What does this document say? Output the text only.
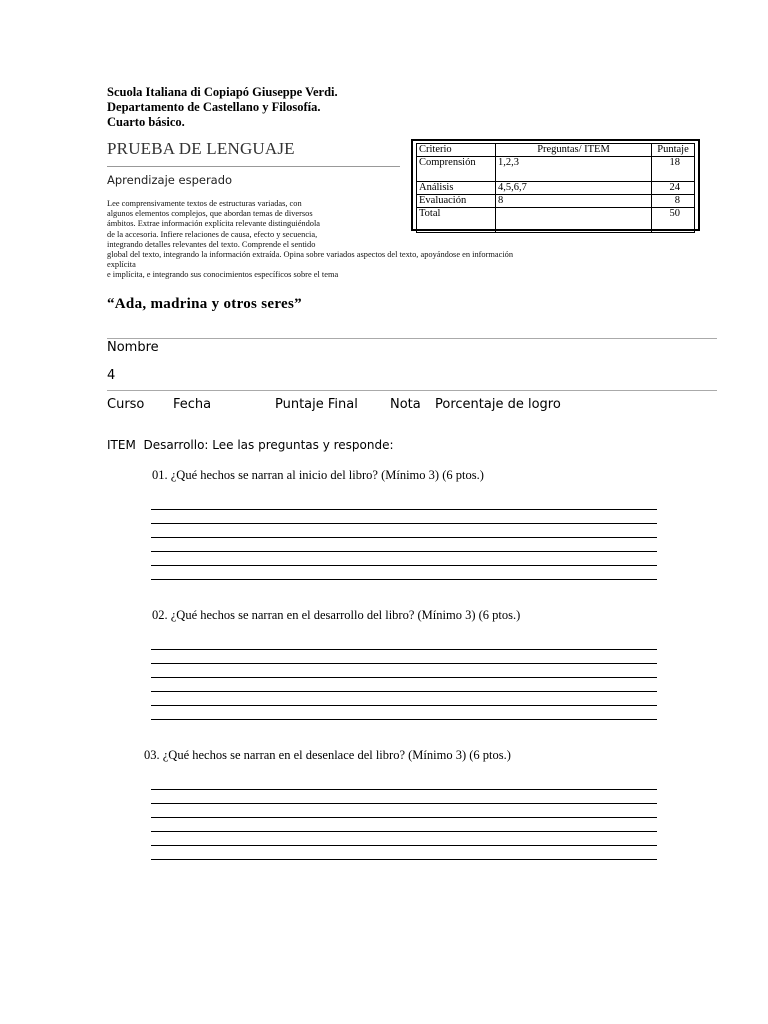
Scuola Italiana di Copiapó Giuseppe Verdi.
Departamento de Castellano y Filosofía.
Cuarto básico.
PRUEBA DE LENGUAJE
Aprendizaje esperado
Lee comprensivamente textos de estructuras variadas, con
algunos elementos complejos, que abordan temas de diversos
ámbitos. Extrae información explícita relevante distinguiéndola
de la accesoria. Infiere relaciones de causa, efecto y secuencia,
integrando detalles relevantes del texto. Comprende el sentido
global del texto, integrando la información extraída. Opina sobre variados aspectos del texto, apoyándose en información
explícita
e implícita, e integrando sus conocimientos específicos sobre el tema
Criterio	Preguntas/ ITEM	Puntaje
Comprensión	1,2,3	18
Análisis	4,5,6,7	24
Evaluación	8	8
Total		50
“Ada, madrina y otros seres”
Nombre
4
Curso Fecha	Puntaje Final Nota Porcentaje de logro
ITEM Desarrollo: Lee las preguntas y responde:
01. ¿Qué hechos se narran al inicio del libro? (Mínimo 3) (6 ptos.)
02. ¿Qué hechos se narran en el desarrollo del libro? (Mínimo 3) (6 ptos.)
03. ¿Qué hechos se narran en el desenlace del libro? (Mínimo 3) (6 ptos.)
